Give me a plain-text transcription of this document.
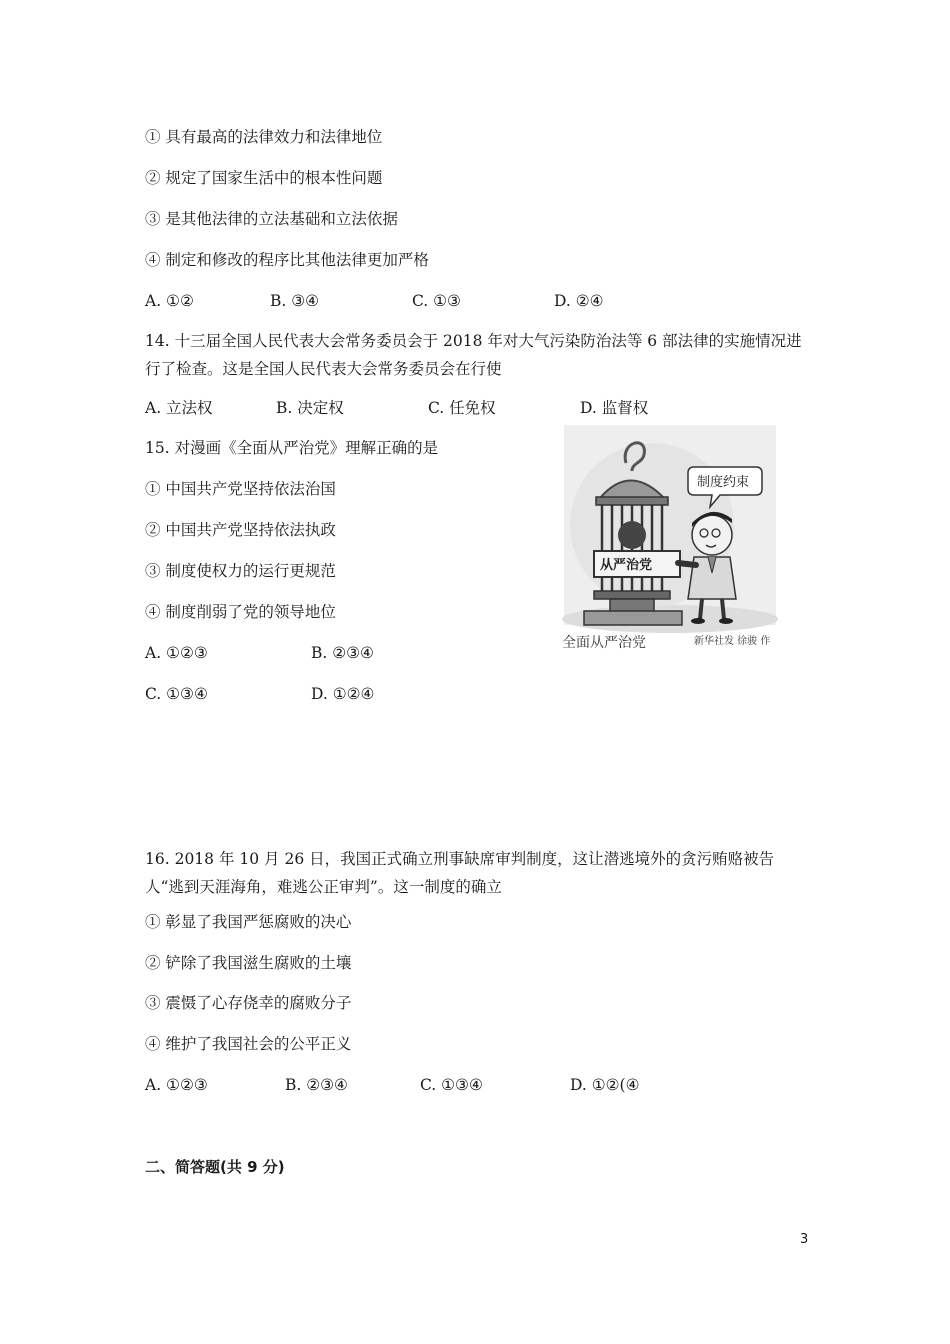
① 具有最高的法律效力和法律地位
② 规定了国家生活中的根本性问题
③ 是其他法律的立法基础和立法依据
④ 制定和修改的程序比其他法律更加严格
A. ①②	B. ③④	C. ①③	D. ②④
14. 十三届全国人民代表大会常务委员会于 2018 年对大气污染防治法等 6 部法律的实施情况进行了检查。这是全国人民代表大会常务委员会在行使
A. 立法权	B. 决定权	C. 任免权	D. 监督权
15. 对漫画《全面从严治党》理解正确的是
① 中国共产党坚持依法治国
② 中国共产党坚持依法执政
③ 制度使权力的运行更规范
④ 制度削弱了党的领导地位
A. ①②③	B. ②③④
C. ①③④	D. ①②④
从严治党
制度约束
全面从严治党	新华社发 徐骏 作
16. 2018 年 10 月 26 日，我国正式确立刑事缺席审判制度，这让潜逃境外的贪污贿赂被告人“逃到天涯海角，难逃公正审判”。这一制度的确立
① 彰显了我国严惩腐败的决心
② 铲除了我国滋生腐败的土壤
③ 震慑了心存侥幸的腐败分子
④ 维护了我国社会的公平正义
A. ①②③	B. ②③④	C. ①③④	D. ①②(④
二、简答题(共 9 分)
3
